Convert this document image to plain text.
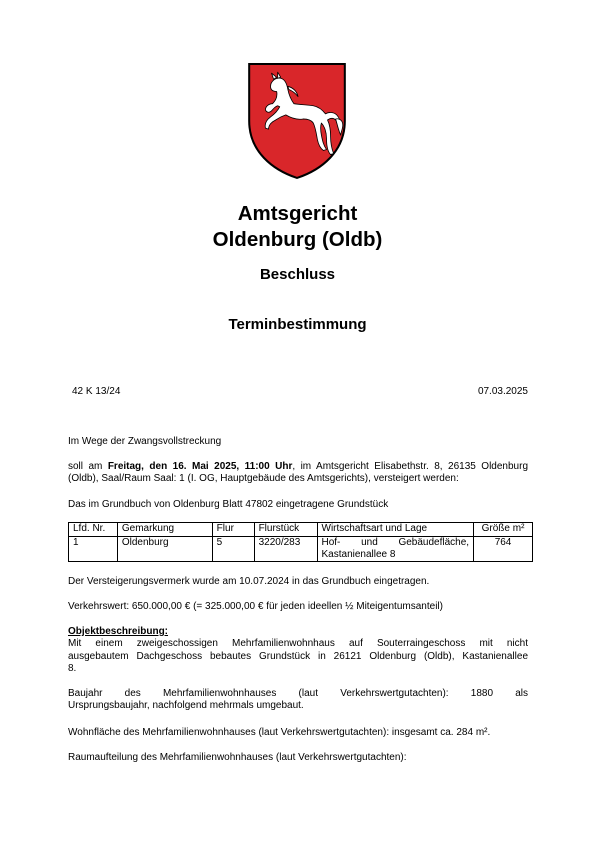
Amtsgericht
Oldenburg (Oldb)
Beschluss
Terminbestimmung
42 K 13/24	07.03.2025
Im Wege der Zwangsvollstreckung
soll am Freitag, den 16. Mai 2025, 11:00 Uhr, im Amtsgericht Elisabethstr. 8, 26135 Oldenburg
(Oldb), Saal/Raum Saal: 1 (I. OG, Hauptgebäude des Amtsgerichts), versteigert werden:
Das im Grundbuch von Oldenburg Blatt 47802 eingetragene Grundstück
Lfd. Nr.	Gemarkung	Flur	Flurstück	Wirtschaftsart und Lage	Größe m²
1	Oldenburg	5	3220/283	Hof- und Gebäudefläche,
Kastanienallee 8	764
Der Versteigerungsvermerk wurde am 10.07.2024 in das Grundbuch eingetragen.
Verkehrswert: 650.000,00 € (= 325.000,00 € für jeden ideellen ½ Miteigentumsanteil)
Objektbeschreibung:
Mit einem zweigeschossigen Mehrfamilienwohnhaus auf Souterraingeschoss mit nicht
ausgebautem Dachgeschoss bebautes Grundstück in 26121 Oldenburg (Oldb), Kastanienallee
8.
Baujahr des Mehrfamilienwohnhauses (laut Verkehrswertgutachten): 1880 als
Ursprungsbaujahr, nachfolgend mehrmals umgebaut.
Wohnfläche des Mehrfamilienwohnhauses (laut Verkehrswertgutachten): insgesamt ca. 284 m².
Raumaufteilung des Mehrfamilienwohnhauses (laut Verkehrswertgutachten):
